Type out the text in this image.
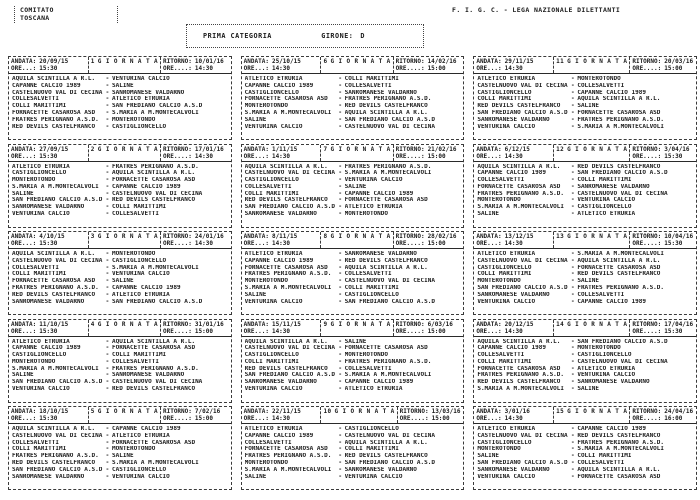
COMITATO
TOSCANA
F. I. G. C. - LEGA NAZIONALE DILETTANTI
PRIMA CATEGORIA	GIRONE: D
ANDATA: 20/09/15
ORE...: 15:30
1 G I O R N A T A RITORNO: 10/01/16
ORE....: 14:30
AQUILA SCINTILLA A R.L.	- VENTURINA CALCIO
CAPANNE CALCIO 1989	- SALINE
CASTELNUOVO VAL DI CECINA - SANROMANESE VALDARNO
COLLESALVETTI	- ATLETICO ETRURIA
COLLI MARITTIMI	- SAN FREDIANO CALCIO A.S.D
FORNACETTE CASAROSA ASD	- S.MARIA A M.MONTECALVOLI
FRATRES PERIGNANO A.S.D.	- MONTEROTONDO
RED DEVILS CASTELFRANCO	- CASTIGLIONCELLO
ANDATA: 27/09/15
ORE...: 15:30
2 G I O R N A T A RITORNO: 17/01/16
ORE....: 14:30
ATLETICO ETRURIA	- FRATRES PERIGNANO A.S.D.
CASTIGLIONCELLO	- AQUILA SCINTILLA A R.L.
MONTEROTONDO	- FORNACETTE CASAROSA ASD
S.MARIA A M.MONTECALVOLI	- CAPANNE CALCIO 1989
SALINE	- CASTELNUOVO VAL DI CECINA
SAN FREDIANO CALCIO A.S.D - RED DEVILS CASTELFRANCO
SANROMANESE VALDARNO	- COLLI MARITTIMI
VENTURINA CALCIO	- COLLESALVETTI
ANDATA: 4/10/15
ORE...: 15:30
3 G I O R N A T A RITORNO: 24/01/16
ORE....: 14:30
AQUILA SCINTILLA A R.L.	- MONTEROTONDO
CASTELNUOVO VAL DI CECINA - CASTIGLIONCELLO
COLLESALVETTI	- S.MARIA A M.MONTECALVOLI
COLLI MARITTIMI	- VENTURINA CALCIO
FORNACETTE CASAROSA ASD	- SALINE
FRATRES PERIGNANO A.S.D.	- CAPANNE CALCIO 1989
RED DEVILS CASTELFRANCO	- ATLETICO ETRURIA
SANROMANESE VALDARNO	- SAN FREDIANO CALCIO A.S.D
ANDATA: 11/10/15
ORE...: 15:30
4 G I O R N A T A RITORNO: 31/01/16
ORE....: 15:00
ATLETICO ETRURIA	- AQUILA SCINTILLA A R.L.
CAPANNE CALCIO 1989	- FORNACETTE CASAROSA ASD
CASTIGLIONCELLO	- COLLI MARITTIMI
MONTEROTONDO	- COLLESALVETTI
S.MARIA A M.MONTECALVOLI	- FRATRES PERIGNANO A.S.D.
SALINE	- SANROMANESE VALDARNO
SAN FREDIANO CALCIO A.S.D - CASTELNUOVO VAL DI CECINA
VENTURINA CALCIO	- RED DEVILS CASTELFRANCO
ANDATA: 18/10/15
ORE...: 15:30
5 G I O R N A T A RITORNO: 7/02/16
ORE....: 15:00
AQUILA SCINTILLA A R.L.	- CAPANNE CALCIO 1989
CASTELNUOVO VAL DI CECINA - ATLETICO ETRURIA
COLLESALVETTI	- FORNACETTE CASAROSA ASD
COLLI MARITTIMI	- MONTEROTONDO
FRATRES PERIGNANO A.S.D.	- SALINE
RED DEVILS CASTELFRANCO	- S.MARIA A M.MONTECALVOLI
SAN FREDIANO CALCIO A.S.D - CASTIGLIONCELLO
SANROMANESE VALDARNO	- VENTURINA CALCIO
ANDATA: 25/10/15
ORE...: 14:30
6 G I O R N A T A RITORNO: 14/02/16
ORE....: 15:00
ATLETICO ETRURIA	- COLLI MARITTIMI
CAPANNE CALCIO 1989	- COLLESALVETTI
CASTIGLIONCELLO	- SANROMANESE VALDARNO
FORNACETTE CASAROSA ASD	- FRATRES PERIGNANO A.S.D.
MONTEROTONDO	- RED DEVILS CASTELFRANCO
S.MARIA A M.MONTECALVOLI	- AQUILA SCINTILLA A R.L.
SALINE	- SAN FREDIANO CALCIO A.S.D
VENTURINA CALCIO	- CASTELNUOVO VAL DI CECINA
ANDATA: 1/11/15
ORE...: 14:30
7 G I O R N A T A RITORNO: 21/02/16
ORE....: 15:00
AQUILA SCINTILLA A R.L.	- FRATRES PERIGNANO A.S.D.
CASTELNUOVO VAL DI CECINA - S.MARIA A M.MONTECALVOLI
CASTIGLIONCELLO	- VENTURINA CALCIO
COLLESALVETTI	- SALINE
COLLI MARITTIMI	- CAPANNE CALCIO 1989
RED DEVILS CASTELFRANCO	- FORNACETTE CASAROSA ASD
SAN FREDIANO CALCIO A.S.D - ATLETICO ETRURIA
SANROMANESE VALDARNO	- MONTEROTONDO
ANDATA: 8/11/15
ORE...: 14:30
8 G I O R N A T A RITORNO: 28/02/16
ORE....: 15:00
ATLETICO ETRURIA	- SANROMANESE VALDARNO
CAPANNE CALCIO 1989	- RED DEVILS CASTELFRANCO
FORNACETTE CASAROSA ASD	- AQUILA SCINTILLA A R.L.
FRATRES PERIGNANO A.S.D.	- COLLESALVETTI
MONTEROTONDO	- CASTELNUOVO VAL DI CECINA
S.MARIA A M.MONTECALVOLI	- COLLI MARITTIMI
SALINE	- CASTIGLIONCELLO
VENTURINA CALCIO	- SAN FREDIANO CALCIO A.S.D
ANDATA: 15/11/15
ORE...: 14:30
9 G I O R N A T A RITORNO: 6/03/16
ORE....: 15:00
AQUILA SCINTILLA A R.L.	- SALINE
CASTELNUOVO VAL DI CECINA - FORNACETTE CASAROSA ASD
CASTIGLIONCELLO	- MONTEROTONDO
COLLI MARITTIMI	- FRATRES PERIGNANO A.S.D.
RED DEVILS CASTELFRANCO	- COLLESALVETTI
SAN FREDIANO CALCIO A.S.D - S.MARIA A M.MONTECALVOLI
SANROMANESE VALDARNO	- CAPANNE CALCIO 1989
VENTURINA CALCIO	- ATLETICO ETRURIA
ANDATA: 22/11/15
ORE...: 14:30
10 G I O R N A T A RITORNO: 13/03/16
ORE....: 15:00
ATLETICO ETRURIA	- CASTIGLIONCELLO
CAPANNE CALCIO 1989	- CASTELNUOVO VAL DI CECINA
COLLESALVETTI	- AQUILA SCINTILLA A R.L.
FORNACETTE CASAROSA ASD	- COLLI MARITTIMI
FRATRES PERIGNANO A.S.D.	- RED DEVILS CASTELFRANCO
MONTEROTONDO	- SAN FREDIANO CALCIO A.S.D
S.MARIA A M.MONTECALVOLI	- SANROMANESE VALDARNO
SALINE	- VENTURINA CALCIO
ANDATA: 29/11/15
ORE...: 14:30
11 G I O R N A T A RITORNO: 20/03/16
ORE....: 15:00
ATLETICO ETRURIA	- MONTEROTONDO
CASTELNUOVO VAL DI CECINA - COLLESALVETTI
CASTIGLIONCELLO	- CAPANNE CALCIO 1989
COLLI MARITTIMI	- AQUILA SCINTILLA A R.L.
RED DEVILS CASTELFRANCO	- SALINE
SAN FREDIANO CALCIO A.S.D - FORNACETTE CASAROSA ASD
SANROMANESE VALDARNO	- FRATRES PERIGNANO A.S.D.
VENTURINA CALCIO	- S.MARIA A M.MONTECALVOLI
ANDATA: 6/12/15
ORE...: 14:30
12 G I O R N A T A RITORNO: 3/04/16
ORE....: 15:30
AQUILA SCINTILLA A R.L.	- RED DEVILS CASTELFRANCO
CAPANNE CALCIO 1989	- SAN FREDIANO CALCIO A.S.D
COLLESALVETTI	- COLLI MARITTIMI
FORNACETTE CASAROSA ASD	- SANROMANESE VALDARNO
FRATRES PERIGNANO A.S.D.	- CASTELNUOVO VAL DI CECINA
MONTEROTONDO	- VENTURINA CALCIO
S.MARIA A M.MONTECALVOLI	- CASTIGLIONCELLO
SALINE	- ATLETICO ETRURIA
ANDATA: 13/12/15
ORE...: 14:30
13 G I O R N A T A RITORNO: 10/04/16
ORE....: 15:30
ATLETICO ETRURIA	- S.MARIA A M.MONTECALVOLI
CASTELNUOVO VAL DI CECINA - AQUILA SCINTILLA A R.L.
CASTIGLIONCELLO	- FORNACETTE CASAROSA ASD
COLLI MARITTIMI	- RED DEVILS CASTELFRANCO
MONTEROTONDO	- SALINE
SAN FREDIANO CALCIO A.S.D - FRATRES PERIGNANO A.S.D.
SANROMANESE VALDARNO	- COLLESALVETTI
VENTURINA CALCIO	- CAPANNE CALCIO 1989
ANDATA: 20/12/15
ORE...: 14:30
14 G I O R N A T A RITORNO: 17/04/16
ORE....: 15:30
AQUILA SCINTILLA A R.L.	- SAN FREDIANO CALCIO A.S.D
CAPANNE CALCIO 1989	- MONTEROTONDO
COLLESALVETTI	- CASTIGLIONCELLO
COLLI MARITTIMI	- CASTELNUOVO VAL DI CECINA
FORNACETTE CASAROSA ASD	- ATLETICO ETRURIA
FRATRES PERIGNANO A.S.D.	- VENTURINA CALCIO
RED DEVILS CASTELFRANCO	- SANROMANESE VALDARNO
S.MARIA A M.MONTECALVOLI	- SALINE
ANDATA: 3/01/16
ORE...: 14:30
15 G I O R N A T A RITORNO: 24/04/16
ORE....: 16:00
ATLETICO ETRURIA	- CAPANNE CALCIO 1989
CASTELNUOVO VAL DI CECINA - RED DEVILS CASTELFRANCO
CASTIGLIONCELLO	- FRATRES PERIGNANO A.S.D.
MONTEROTONDO	- S.MARIA A M.MONTECALVOLI
SALINE	- COLLI MARITTIMI
SAN FREDIANO CALCIO A.S.D - COLLESALVETTI
SANROMANESE VALDARNO	- AQUILA SCINTILLA A R.L.
VENTURINA CALCIO	- FORNACETTE CASAROSA ASD
